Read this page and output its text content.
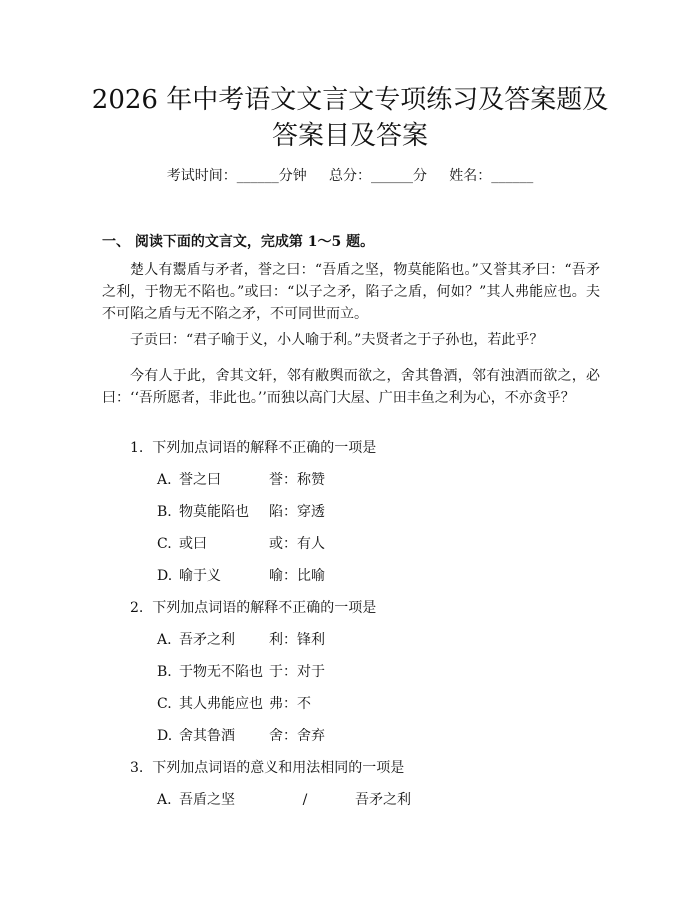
2026 年中考语文文言文专项练习及答案题及
答案目及答案
考试时间：______分钟     总分：______分     姓名：______
一、 阅读下面的文言文，完成第 1～5 题。
楚人有鬻盾与矛者，誉之曰：“吾盾之坚，物莫能陷也。”又誉其矛曰：“吾矛之利，于物无不陷也。”或曰：“以子之矛，陷子之盾，何如？”其人弗能应也。夫不可陷之盾与无不陷之矛，不可同世而立。
子贡曰：“君子喻于义，小人喻于利。”夫贤者之于子孙也，若此乎？
今有人于此，舍其文轩，邻有敝舆而欲之，舍其鲁酒，邻有浊酒而欲之，必曰：‘‘吾所愿者，非此也。’’而独以高门大屋、广田丰鱼之利为心，不亦贪乎？
1.  下列加点词语的解释不正确的一项是
A. 誉之曰	誉：称赞
B. 物莫能陷也 陷：穿透
C. 或曰	或：有人
D. 喻于义	喻：比喻
2.  下列加点词语的解释不正确的一项是
A. 吾矛之利 利：锋利
B. 于物无不陷也 于：对于
C. 其人弗能应也 弗：不
D. 舍其鲁酒 舍：舍弃
3.  下列加点词语的意义和用法相同的一项是
A. 吾盾之坚	/	吾矛之利
